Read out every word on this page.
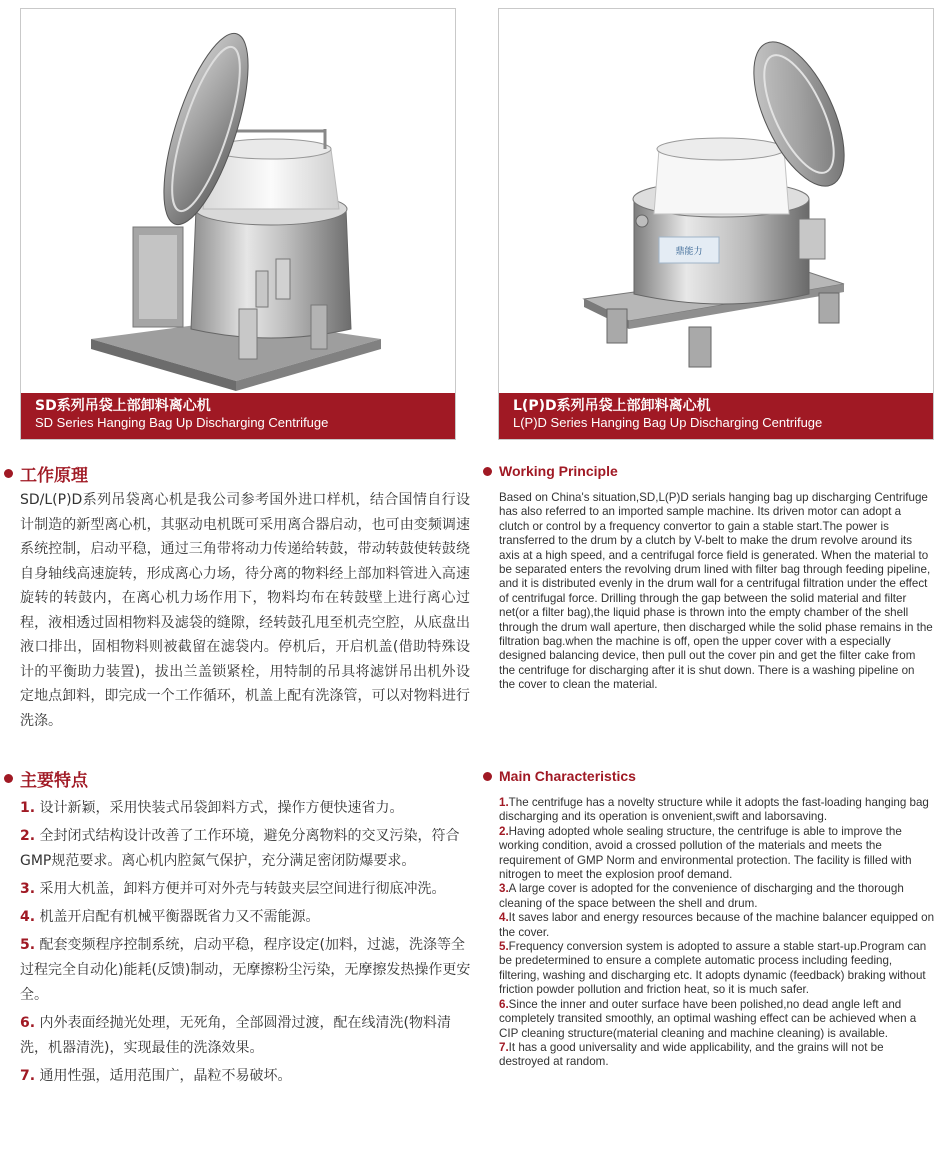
SD系列吊袋上部卸料离心机
SD Series Hanging Bag Up Discharging Centrifuge
鼎能力
L(P)D系列吊袋上部卸料离心机
L(P)D Series Hanging Bag Up Discharging Centrifuge
工作原理
SD/L(P)D系列吊袋离心机是我公司参考国外进口样机，结合国情自行设计制造的新型离心机，其驱动电机既可采用离合器启动，也可由变频调速系统控制，启动平稳，通过三角带将动力传递给转鼓，带动转鼓使转鼓绕自身轴线高速旋转，形成离心力场，待分离的物料经上部加料管进入高速旋转的转鼓内，在离心机力场作用下，物料均布在转鼓壁上进行离心过程，液相透过固相物料及滤袋的缝隙，经转鼓孔甩至机壳空腔，从底盘出液口排出，固相物料则被截留在滤袋内。停机后，开启机盖(借助特殊设计的平衡助力装置)，拔出兰盖锁紧栓，用特制的吊具将滤饼吊出机外设定地点卸料，即完成一个工作循环，机盖上配有洗涤管，可以对物料进行洗涤。
Working Principle
Based on China's situation,SD,L(P)D serials hanging bag up discharging Centrifuge has also referred to an imported sample machine. Its driven motor can adopt a clutch or control by a frequency convertor to gain a stable start.The power is transferred to the drum by a clutch by V-belt to make the drum revolve around its axis at a high speed, and a centrifugal force field is generated. When the material to be separated enters the revolving drum lined with filter bag through feeding pipeline, and it is distributed evenly in the drum wall for a centrifugal filtration under the effect of centrifugal force. Drilling through the gap between the solid material and filter net(or a filter bag),the liquid phase is thrown into the empty chamber of the shell through the drum wall aperture, then discharged while the solid phase remains in the filtration bag.when the machine is off, open the upper cover with a especially designed balancing device, then pull out the cover pin and get the filter cake from the centrifuge for discharging after it is shut down. There is a washing pipeline on the cover to clean the material.
主要特点
1. 设计新颖，采用快装式吊袋卸料方式，操作方便快速省力。
2. 全封闭式结构设计改善了工作环境，避免分离物料的交叉污染，符合GMP规范要求。离心机内腔氮气保护，充分满足密闭防爆要求。
3. 采用大机盖，卸料方便并可对外壳与转鼓夹层空间进行彻底冲洗。
4. 机盖开启配有机械平衡器既省力又不需能源。
5. 配套变频程序控制系统，启动平稳，程序设定(加料，过滤，洗涤等全过程完全自动化)能耗(反馈)制动，无摩擦粉尘污染，无摩擦发热操作更安全。
6. 内外表面经抛光处理，无死角，全部圆滑过渡，配在线清洗(物料清洗，机器清洗)，实现最佳的洗涤效果。
7. 通用性强，适用范围广，晶粒不易破坏。
Main Characteristics
1.The centrifuge has a novelty structure while it adopts the fast-loading hanging bag discharging and its operation is onvenient,swift and laborsaving.
2.Having adopted whole sealing structure, the centrifuge is able to improve the working condition, avoid a crossed pollution of the materials and meets the requirement of GMP Norm and environmental protection. The facility is filled with nitrogen to meet the explosion proof demand.
3.A large cover is adopted for the convenience of discharging and the thorough cleaning of the space between the shell and drum.
4.It saves labor and energy resources because of the machine balancer equipped on the cover.
5.Frequency conversion system is adopted to assure a stable start-up.Program can be predetermined to ensure a complete automatic process including feeding, filtering, washing and discharging etc. It adopts dynamic (feedback) braking without friction powder pollution and friction heat, so it is much safer.
6.Since the inner and outer surface have been polished,no dead angle left and completely transited smoothly, an optimal washing effect can be achieved when a CIP cleaning structure(material cleaning and machine cleaning) is available.
7.It has a good universality and wide applicability, and the grains will not be destroyed at random.
